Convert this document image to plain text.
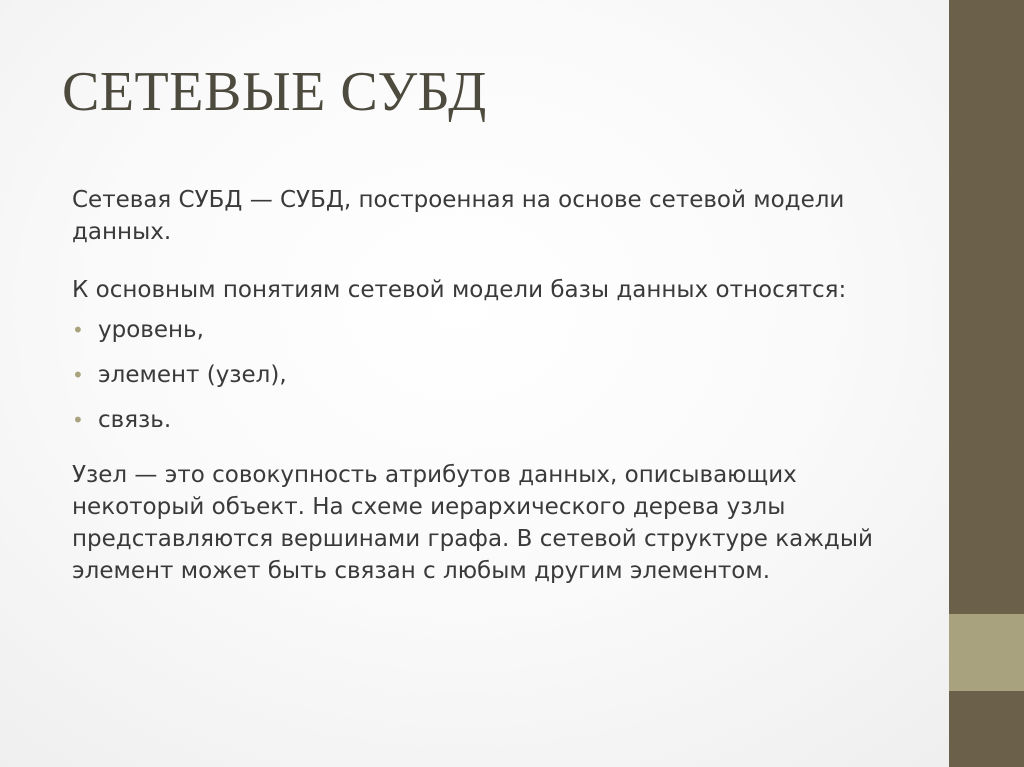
СЕТЕВЫЕ СУБД

Сетевая СУБД — СУБД, построенная на основе сетевой модели данных.

К основным понятиям сетевой модели базы данных относятся:

• уровень,
• элемент (узел),
• связь.

Узел — это совокупность атрибутов данных, описывающих некоторый объект. На схеме иерархического дерева узлы представляются вершинами графа. В сетевой структуре каждый элемент может быть связан с любым другим элементом.
